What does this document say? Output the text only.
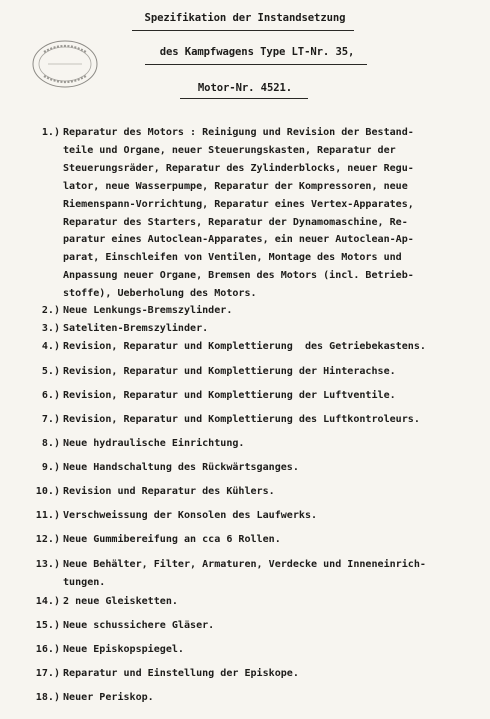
Spezifikation der Instandsetzung
des Kampfwagens Type LT-Nr. 35,
Motor-Nr. 4521.
1.) Reparatur des Motors : Reinigung und Revision der Bestand-
teile und Organe, neuer Steuerungskasten, Reparatur der
Steuerungsräder, Reparatur des Zylinderblocks, neuer Regu-
lator, neue Wasserpumpe, Reparatur der Kompressoren, neue
Riemenspann-Vorrichtung, Reparatur eines Vertex-Apparates,
Reparatur des Starters, Reparatur der Dynamomaschine, Re-
paratur eines Autoclean-Apparates, ein neuer Autoclean-Ap-
parat, Einschleifen von Ventilen, Montage des Motors und
Anpassung neuer Organe, Bremsen des Motors (incl. Betrieb-
stoffe), Ueberholung des Motors.
2.) Neue Lenkungs-Bremszylinder.
3.) Sateliten-Bremszylinder.
4.) Revision, Reparatur und Komplettierung  des Getriebekastens.
5.) Revision, Reparatur und Komplettierung der Hinterachse.
6.) Revision, Reparatur und Komplettierung der Luftventile.
7.) Revision, Reparatur und Komplettierung des Luftkontroleurs.
8.) Neue hydraulische Einrichtung.
9.) Neue Handschaltung des Rückwärtsganges.
10.) Revision und Reparatur des Kühlers.
11.) Verschweissung der Konsolen des Laufwerks.
12.) Neue Gummibereifung an cca 6 Rollen.
13.) Neue Behälter, Filter, Armaturen, Verdecke und Inneneinrich-
tungen.
14.) 2 neue Gleisketten.
15.) Neue schussichere Gläser.
16.) Neue Episkopspiegel.
17.) Reparatur und Einstellung der Episkope.
18.) Neuer Periskop.
